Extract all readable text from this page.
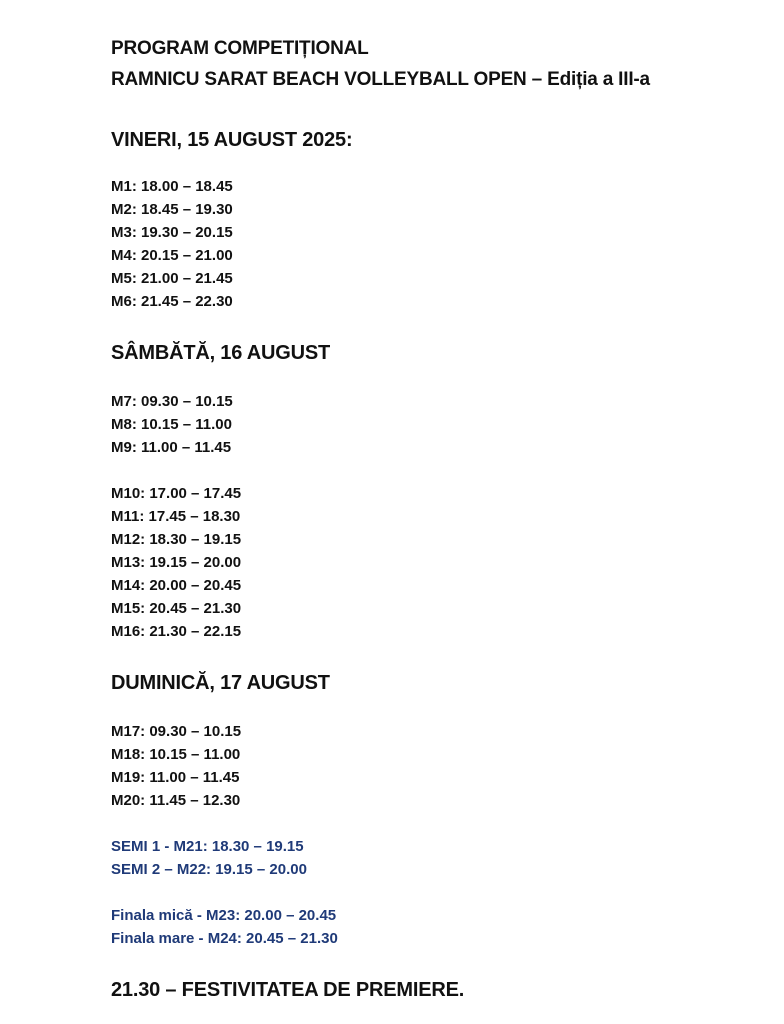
PROGRAM COMPETIȚIONAL
RAMNICU SARAT BEACH VOLLEYBALL OPEN – Ediția a III-a
VINERI, 15 AUGUST 2025:
M1: 18.00 – 18.45
M2: 18.45 – 19.30
M3: 19.30 – 20.15
M4: 20.15 – 21.00
M5: 21.00 – 21.45
M6: 21.45 – 22.30
SÂMBĂTĂ, 16 AUGUST
M7: 09.30 – 10.15
M8: 10.15 – 11.00
M9: 11.00 – 11.45
M10: 17.00 – 17.45
M11: 17.45 – 18.30
M12: 18.30 – 19.15
M13: 19.15 – 20.00
M14: 20.00 – 20.45
M15: 20.45 – 21.30
M16: 21.30 – 22.15
DUMINICĂ, 17 AUGUST
M17: 09.30 – 10.15
M18: 10.15 – 11.00
M19: 11.00 – 11.45
M20: 11.45 – 12.30
SEMI 1 - M21: 18.30 – 19.15
SEMI 2 – M22: 19.15 – 20.00
Finala mică - M23: 20.00 – 20.45
Finala mare - M24: 20.45 – 21.30
21.30 – FESTIVITATEA DE PREMIERE.
